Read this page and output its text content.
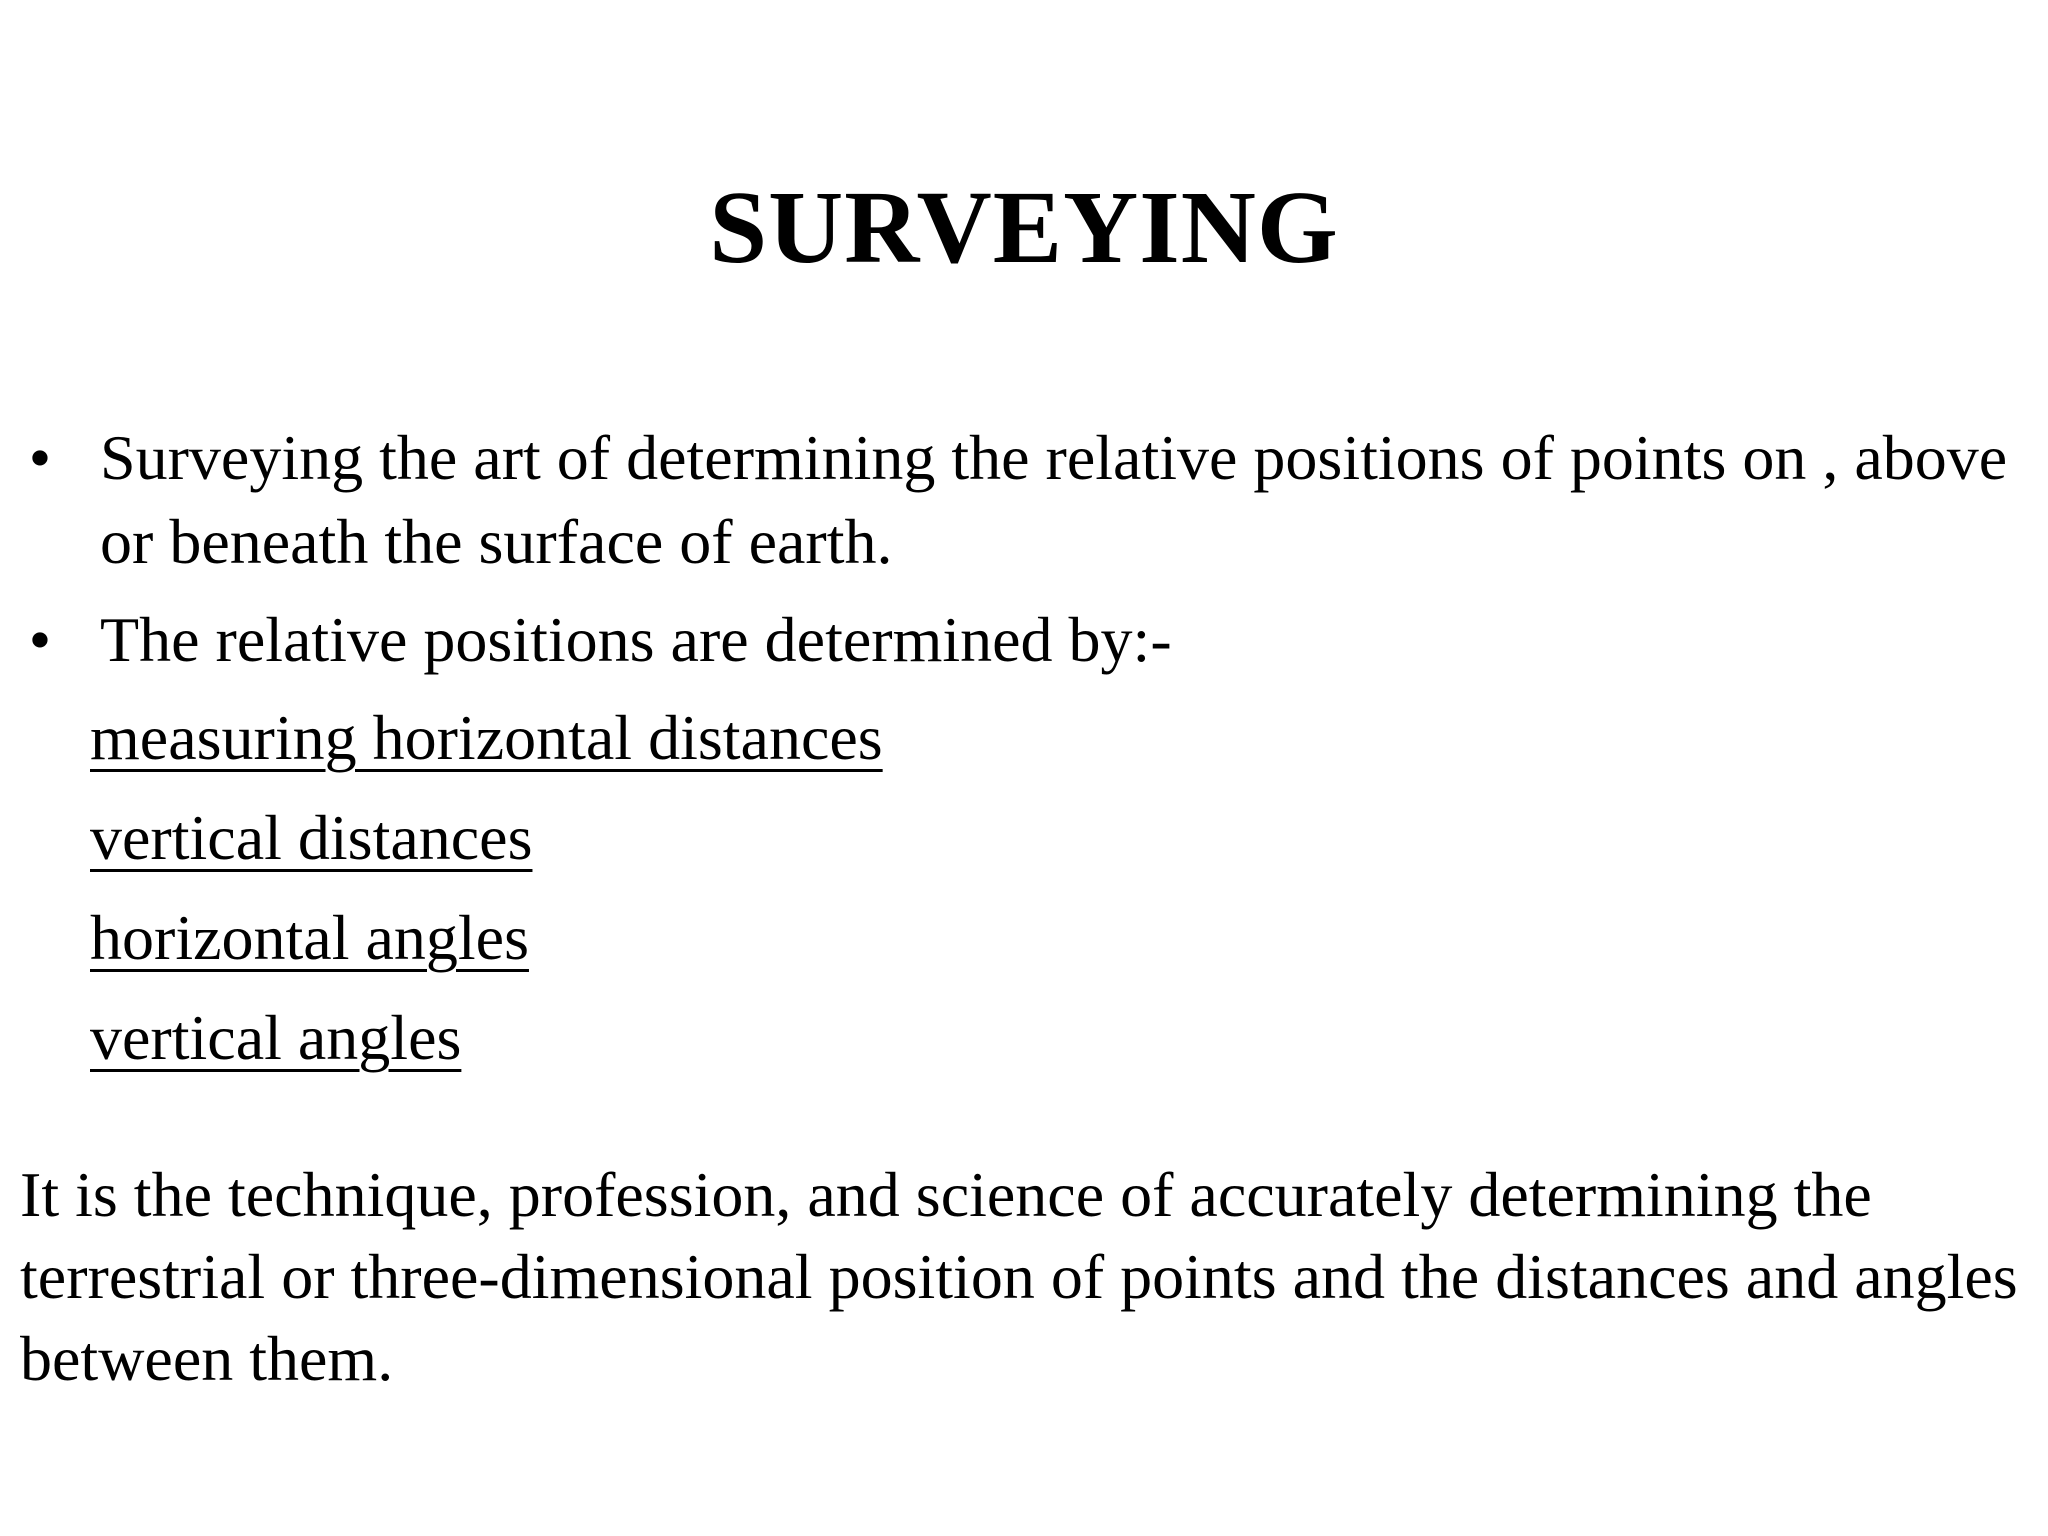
SURVEYING
• Surveying the art of determining the relative positions of points on , above or beneath the surface of earth.
• The relative positions are determined by:-
measuring horizontal distances
vertical distances
horizontal angles
vertical angles

It is the technique, profession, and science of accurately determining the terrestrial or three-dimensional position of points and the distances and angles between them.
